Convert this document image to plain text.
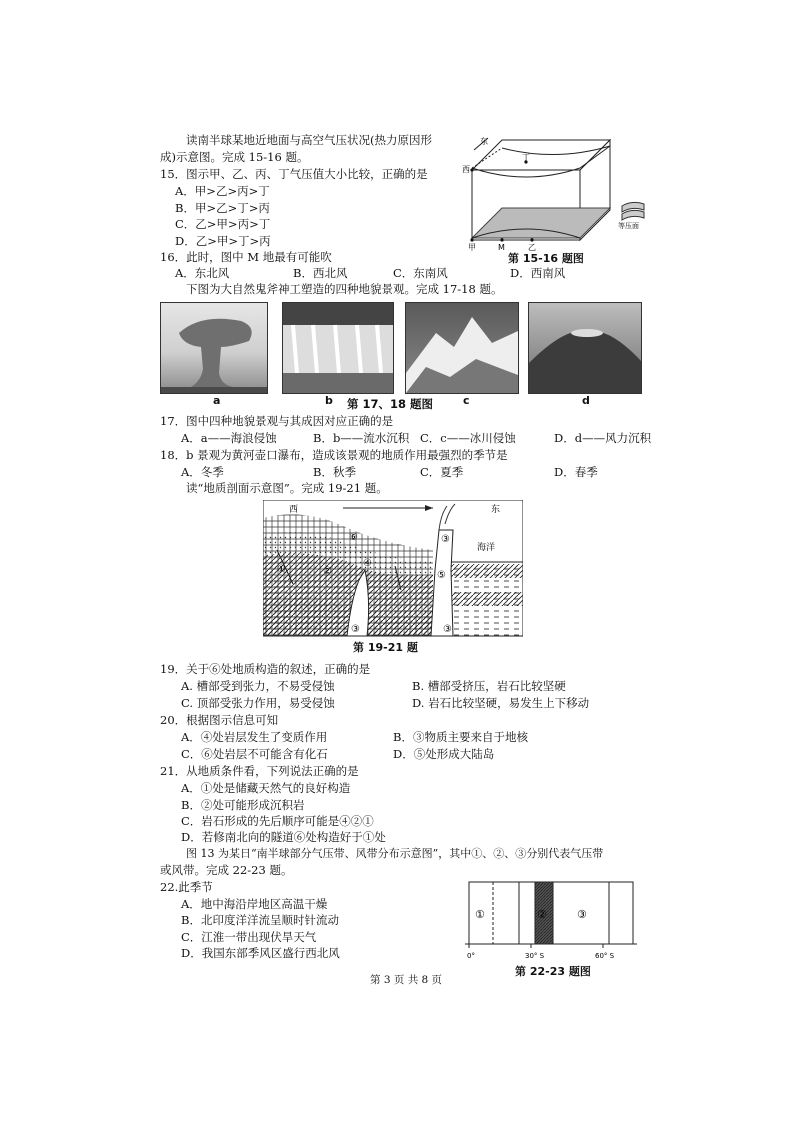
读南半球某地近地面与高空气压状况(热力原因形
成)示意图。完成 15-16 题。
15．图示甲、乙、丙、丁气压值大小比较，正确的是
A．甲>乙>丙>丁
B．甲>乙>丁>丙
C．乙>甲>丙>丁
D．乙>甲>丁>丙
16．此时，图中 M 地最有可能吹
A．东北风	B．西北风	C．东南风	D．西南风
东
西
丁
甲	M	乙
等压面
第 15-16 题图
下图为大自然鬼斧神工塑造的四种地貌景观。完成 17-18 题。
a	b 第 17、18 题图	c	d
17．图中四种地貌景观与其成因对应正确的是
A．a——海浪侵蚀	B．b——流水沉积 C．c——冰川侵蚀	D．d——风力沉积
18．b 景观为黄河壶口瀑布，造成该景观的地质作用最强烈的季节是
A．冬季	B．秋季	C．夏季	D．春季
读“地质剖面示意图”。完成 19-21 题。
西	东
海洋
①	②
③
③	③
④
⑤
⑥
第 19-21 题
19．关于⑥处地质构造的叙述，正确的是
A. 槽部受到张力，不易受侵蚀	B. 槽部受挤压，岩石比较坚硬
C. 顶部受张力作用，易受侵蚀	D. 岩石比较坚硬，易发生上下移动
20．根据图示信息可知
A．④处岩层发生了变质作用	B．③物质主要来自于地核
C．⑥处岩层不可能含有化石	D．⑤处形成大陆岛
21．从地质条件看，下列说法正确的是
A．①处是储藏天然气的良好构造
B．②处可能形成沉积岩
C．岩石形成的先后顺序可能是④②①
D．若修南北向的隧道⑥处构造好于①处
图 13 为某日“南半球部分气压带、风带分布示意图”，其中①、②、③分别代表气压带
或风带。完成 22-23 题。
22.此季节
A．地中海沿岸地区高温干燥
B．北印度洋洋流呈顺时针流动
C．江淮一带出现伏旱天气
D．我国东部季风区盛行西北风
①	②	③
0°	30° S	60° S
第 22-23 题图
第 3 页 共 8 页
